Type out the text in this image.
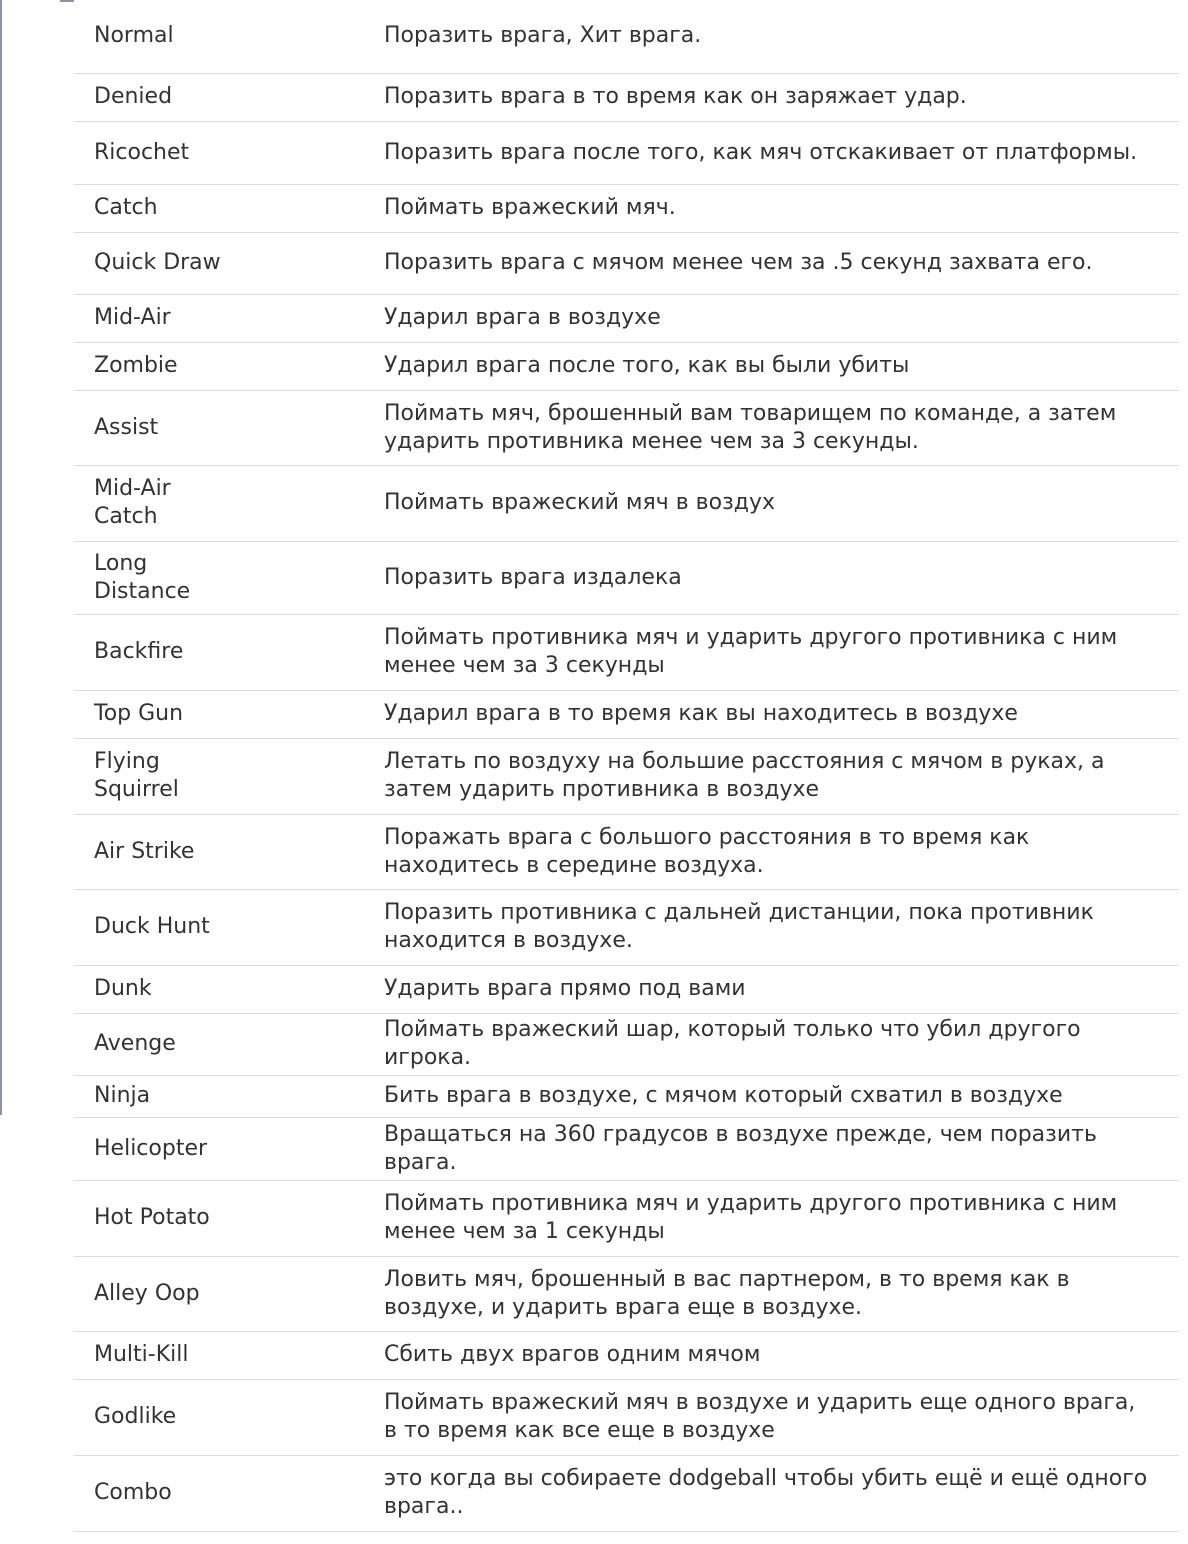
Normal	Поразить врага, Хит врага.

Denied	Поразить врага в то время как он заряжает удар.

Ricochet	Поразить врага после того, как мяч отскакивает от платформы.

Catch	Поймать вражеский мяч.

Quick Draw	Поразить врага с мячом менее чем за .5 секунд захвата его.

Mid-Air	Ударил врага в воздухе

Zombie	Ударил врага после того, как вы были убиты

Assist	Поймать мяч, брошенный вам товарищем по команде, а затем ударить противника менее чем за 3 секунды.

Mid-Air Catch	Поймать вражеский мяч в воздух

Long Distance	Поразить врага издалека

Backfire	Поймать противника мяч и ударить другого противника с ним менее чем за 3 секунды

Top Gun	Ударил врага в то время как вы находитесь в воздухе

Flying Squirrel	Летать по воздуху на большие расстояния с мячом в руках, а затем ударить противника в воздухе

Air Strike	Поражать врага с большого расстояния в то время как находитесь в середине воздуха.

Duck Hunt	Поразить противника с дальней дистанции, пока противник находится в воздухе.

Dunk	Ударить врага прямо под вами

Avenge	Поймать вражеский шар, который только что убил другого игрока.

Ninja	Бить врага в воздухе, с мячом который схватил в воздухе

Helicopter	Вращаться на 360 градусов в воздухе прежде, чем поразить врага.

Hot Potato	Поймать противника мяч и ударить другого противника с ним менее чем за 1 секунды

Alley Oop	Ловить мяч, брошенный в вас партнером, в то время как в воздухе, и ударить врага еще в воздухе.

Multi-Kill	Сбить двух врагов одним мячом

Godlike	Поймать вражеский мяч в воздухе и ударить еще одного врага, в то время как все еще в воздухе

Combo	это когда вы собираете dodgeball чтобы убить ещё и ещё одного врага..
